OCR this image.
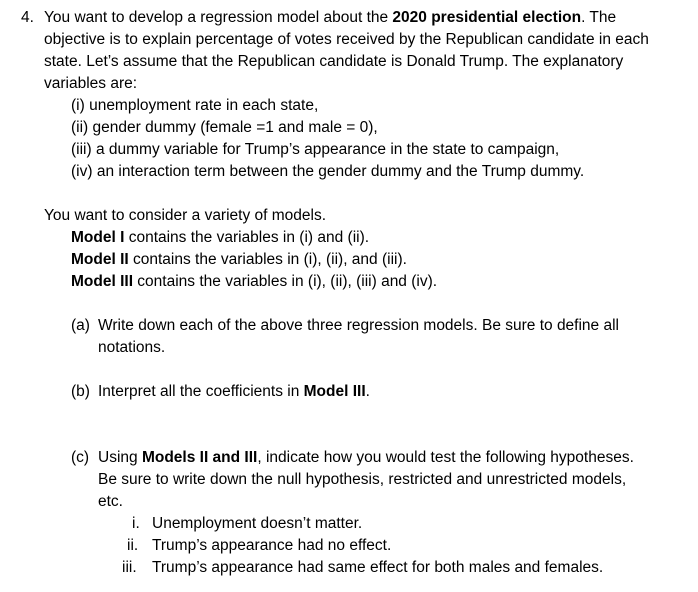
4. You want to develop a regression model about the 2020 presidential election. The
objective is to explain percentage of votes received by the Republican candidate in each
state. Let’s assume that the Republican candidate is Donald Trump. The explanatory
variables are:
(i) unemployment rate in each state,
(ii) gender dummy (female =1 and male = 0),
(iii) a dummy variable for Trump’s appearance in the state to campaign,
(iv) an interaction term between the gender dummy and the Trump dummy.
You want to consider a variety of models.
Model I contains the variables in (i) and (ii).
Model II contains the variables in (i), (ii), and (iii).
Model III contains the variables in (i), (ii), (iii) and (iv).
(a) Write down each of the above three regression models. Be sure to define all
notations.
(b) Interpret all the coefficients in Model III.
(c) Using Models II and III, indicate how you would test the following hypotheses.
Be sure to write down the null hypothesis, restricted and unrestricted models,
etc.
i. Unemployment doesn’t matter.
ii. Trump’s appearance had no effect.
iii. Trump’s appearance had same effect for both males and females.
